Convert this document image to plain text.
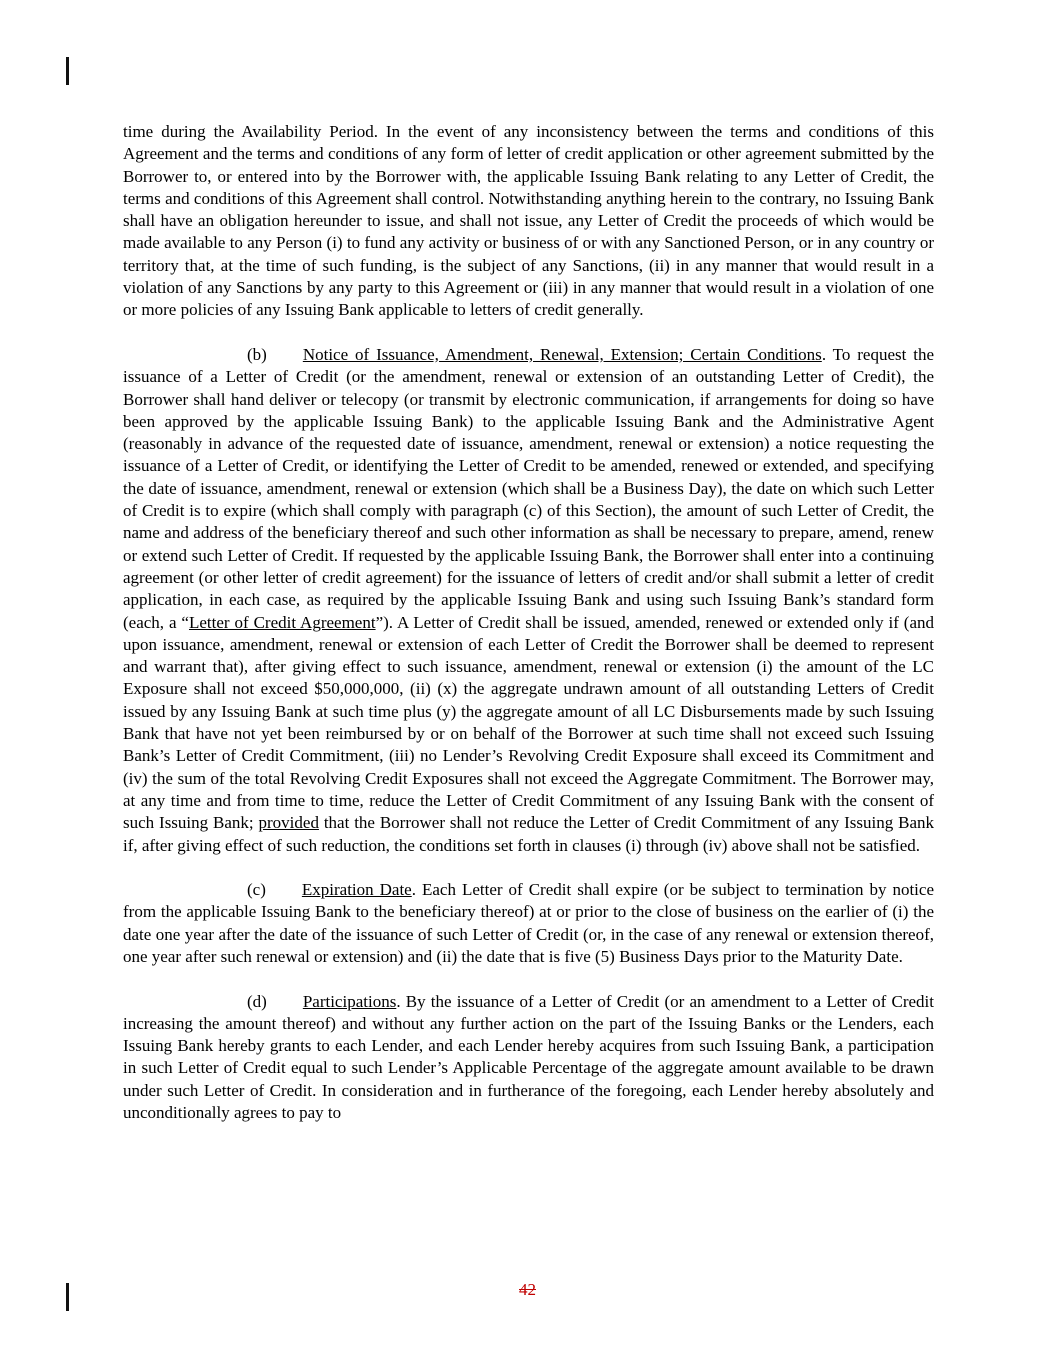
time during the Availability Period. In the event of any inconsistency between the terms and conditions of this Agreement and the terms and conditions of any form of letter of credit application or other agreement submitted by the Borrower to, or entered into by the Borrower with, the applicable Issuing Bank relating to any Letter of Credit, the terms and conditions of this Agreement shall control. Notwithstanding anything herein to the contrary, no Issuing Bank shall have an obligation hereunder to issue, and shall not issue, any Letter of Credit the proceeds of which would be made available to any Person (i) to fund any activity or business of or with any Sanctioned Person, or in any country or territory that, at the time of such funding, is the subject of any Sanctions, (ii) in any manner that would result in a violation of any Sanctions by any party to this Agreement or (iii) in any manner that would result in a violation of one or more policies of any Issuing Bank applicable to letters of credit generally.

(b) Notice of Issuance, Amendment, Renewal, Extension; Certain Conditions. To request the issuance of a Letter of Credit (or the amendment, renewal or extension of an outstanding Letter of Credit), the Borrower shall hand deliver or telecopy (or transmit by electronic communication, if arrangements for doing so have been approved by the applicable Issuing Bank) to the applicable Issuing Bank and the Administrative Agent (reasonably in advance of the requested date of issuance, amendment, renewal or extension) a notice requesting the issuance of a Letter of Credit, or identifying the Letter of Credit to be amended, renewed or extended, and specifying the date of issuance, amendment, renewal or extension (which shall be a Business Day), the date on which such Letter of Credit is to expire (which shall comply with paragraph (c) of this Section), the amount of such Letter of Credit, the name and address of the beneficiary thereof and such other information as shall be necessary to prepare, amend, renew or extend such Letter of Credit. If requested by the applicable Issuing Bank, the Borrower shall enter into a continuing agreement (or other letter of credit agreement) for the issuance of letters of credit and/or shall submit a letter of credit application, in each case, as required by the applicable Issuing Bank and using such Issuing Bank’s standard form (each, a “Letter of Credit Agreement”). A Letter of Credit shall be issued, amended, renewed or extended only if (and upon issuance, amendment, renewal or extension of each Letter of Credit the Borrower shall be deemed to represent and warrant that), after giving effect to such issuance, amendment, renewal or extension (i) the amount of the LC Exposure shall not exceed $50,000,000, (ii) (x) the aggregate undrawn amount of all outstanding Letters of Credit issued by any Issuing Bank at such time plus (y) the aggregate amount of all LC Disbursements made by such Issuing Bank that have not yet been reimbursed by or on behalf of the Borrower at such time shall not exceed such Issuing Bank’s Letter of Credit Commitment, (iii) no Lender’s Revolving Credit Exposure shall exceed its Commitment and (iv) the sum of the total Revolving Credit Exposures shall not exceed the Aggregate Commitment. The Borrower may, at any time and from time to time, reduce the Letter of Credit Commitment of any Issuing Bank with the consent of such Issuing Bank; provided that the Borrower shall not reduce the Letter of Credit Commitment of any Issuing Bank if, after giving effect of such reduction, the conditions set forth in clauses (i) through (iv) above shall not be satisfied.

(c) Expiration Date. Each Letter of Credit shall expire (or be subject to termination by notice from the applicable Issuing Bank to the beneficiary thereof) at or prior to the close of business on the earlier of (i) the date one year after the date of the issuance of such Letter of Credit (or, in the case of any renewal or extension thereof, one year after such renewal or extension) and (ii) the date that is five (5) Business Days prior to the Maturity Date.

(d) Participations. By the issuance of a Letter of Credit (or an amendment to a Letter of Credit increasing the amount thereof) and without any further action on the part of the Issuing Banks or the Lenders, each Issuing Bank hereby grants to each Lender, and each Lender hereby acquires from such Issuing Bank, a participation in such Letter of Credit equal to such Lender’s Applicable Percentage of the aggregate amount available to be drawn under such Letter of Credit. In consideration and in furtherance of the foregoing, each Lender hereby absolutely and unconditionally agrees to pay to

42
